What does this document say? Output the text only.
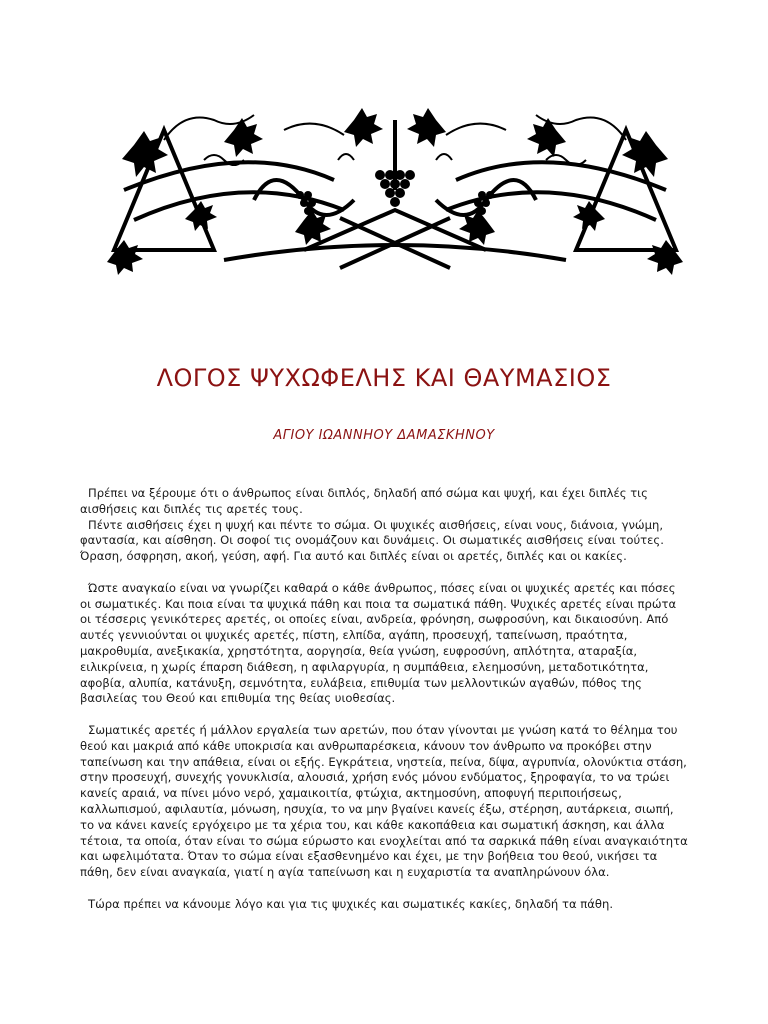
ΛΟΓΟΣ ΨΥΧΩΦΕΛΗΣ ΚΑΙ ΘΑΥΜΑΣΙΟΣ
ΑΓΙΟΥ ΙΩΑΝΝΗΟΥ ΔΑΜΑΣΚΗΝΟΥ

Πρέπει να ξέρουμε ότι ο άνθρωπος είναι διπλός, δηλαδή από σώμα και ψυχή, και έχει διπλές τις αισθήσεις και διπλές τις αρετές τους.

Πέντε αισθήσεις έχει η ψυχή και πέντε το σώμα. Οι ψυχικές αισθήσεις, είναι νους, διάνοια, γνώμη, φαντασία, και αίσθηση. Οι σοφοί τις ονομάζουν και δυνάμεις. Οι σωματικές αισθήσεις είναι τούτες. Όραση, όσφρηση, ακοή, γεύση, αφή. Για αυτό και διπλές είναι οι αρετές, διπλές και οι κακίες.

Ώστε αναγκαίο είναι να γνωρίζει καθαρά ο κάθε άνθρωπος, πόσες είναι οι ψυχικές αρετές και πόσες οι σωματικές. Και ποια είναι τα ψυχικά πάθη και ποια τα σωματικά πάθη. Ψυχικές αρετές είναι πρώτα οι τέσσερις γενικότερες αρετές, οι οποίες είναι, ανδρεία, φρόνηση, σωφροσύνη, και δικαιοσύνη. Από αυτές γεννιούνται οι ψυχικές αρετές, πίστη, ελπίδα, αγάπη, προσευχή, ταπείνωση, πραότητα, μακροθυμία, ανεξικακία, χρηστότητα, αοργησία, θεία γνώση, ευφροσύνη, απλότητα, αταραξία, ειλικρίνεια, η χωρίς έπαρση διάθεση, η αφιλαργυρία, η συμπάθεια, ελεημοσύνη, μεταδοτικότητα, αφοβία, αλυπία, κατάνυξη, σεμνότητα, ευλάβεια, επιθυμία των μελλοντικών αγαθών, πόθος της βασιλείας του Θεού και επιθυμία της θείας υιοθεσίας.

Σωματικές αρετές ή μάλλον εργαλεία των αρετών, που όταν γίνονται με γνώση κατά το θέλημα του θεού και μακριά από κάθε υποκρισία και ανθρωπαρέσκεια, κάνουν τον άνθρωπο να προκόβει στην ταπείνωση και την απάθεια, είναι οι εξής. Εγκράτεια, νηστεία, πείνα, δίψα, αγρυπνία, ολονύκτια στάση, στην προσευχή, συνεχής γονυκλισία, αλουσιά, χρήση ενός μόνου ενδύματος, ξηροφαγία, το να τρώει κανείς αραιά, να πίνει μόνο νερό, χαμαικοιτία, φτώχια, ακτημοσύνη, αποφυγή περιποιήσεως, καλλωπισμού, αφιλαυτία, μόνωση, ησυχία, το να μην βγαίνει κανείς έξω, στέρηση, αυτάρκεια, σιωπή, το να κάνει κανείς εργόχειρο με τα χέρια του, και κάθε κακοπάθεια και σωματική άσκηση, και άλλα τέτοια, τα οποία, όταν είναι το σώμα εύρωστο και ενοχλείται από τα σαρκικά πάθη είναι αναγκαιότητα και ωφελιμότατα. Όταν το σώμα είναι εξασθενημένο και έχει, με την βοήθεια του θεού, νικήσει τα πάθη, δεν είναι αναγκαία, γιατί η αγία ταπείνωση και η ευχαριστία τα αναπληρώνουν όλα.

Τώρα πρέπει να κάνουμε λόγο και για τις ψυχικές και σωματικές κακίες, δηλαδή τα πάθη.
